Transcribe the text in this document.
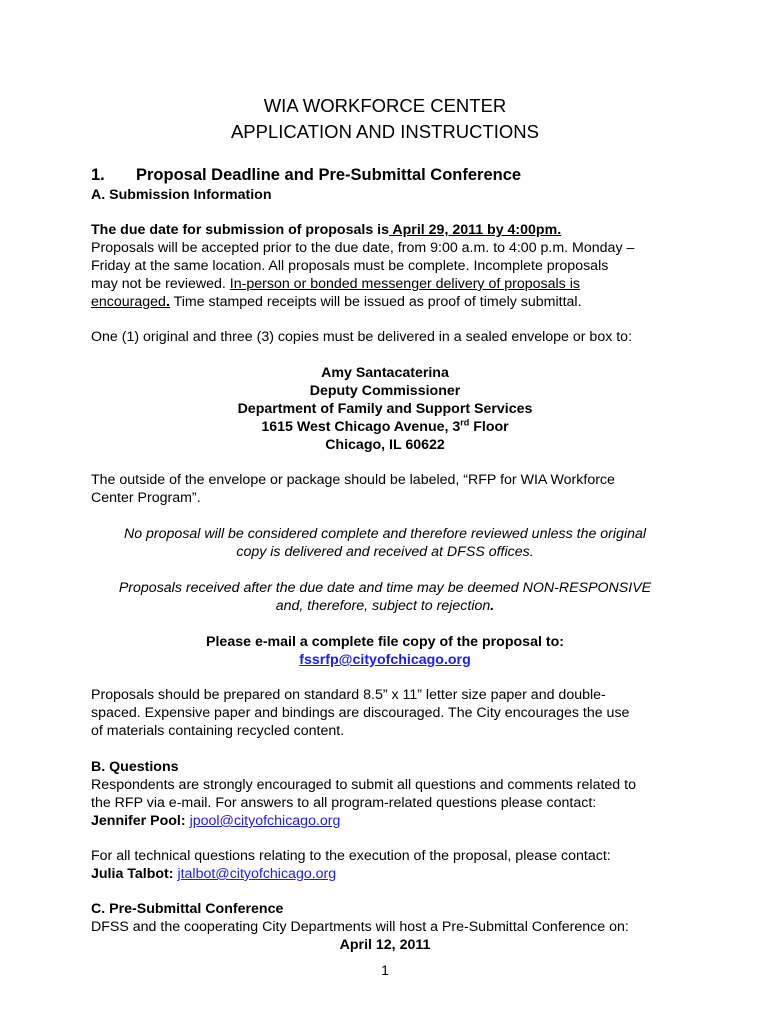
WIA WORKFORCE CENTER
APPLICATION AND INSTRUCTIONS
1. Proposal Deadline and Pre-Submittal Conference
A. Submission Information
The due date for submission of proposals is April 29, 2011 by 4:00pm.
Proposals will be accepted prior to the due date, from 9:00 a.m. to 4:00 p.m. Monday –
Friday at the same location. All proposals must be complete. Incomplete proposals
may not be reviewed. In-person or bonded messenger delivery of proposals is
encouraged. Time stamped receipts will be issued as proof of timely submittal.
One (1) original and three (3) copies must be delivered in a sealed envelope or box to:
Amy Santacaterina
Deputy Commissioner
Department of Family and Support Services
1615 West Chicago Avenue, 3rd Floor
Chicago, IL 60622
The outside of the envelope or package should be labeled, “RFP for WIA Workforce
Center Program”.
No proposal will be considered complete and therefore reviewed unless the original
copy is delivered and received at DFSS offices.
Proposals received after the due date and time may be deemed NON-RESPONSIVE
and, therefore, subject to rejection.
Please e-mail a complete file copy of the proposal to:
fssrfp@cityofchicago.org
Proposals should be prepared on standard 8.5” x 11” letter size paper and double-
spaced. Expensive paper and bindings are discouraged. The City encourages the use
of materials containing recycled content.
B. Questions
Respondents are strongly encouraged to submit all questions and comments related to
the RFP via e-mail. For answers to all program-related questions please contact:
Jennifer Pool: jpool@cityofchicago.org
For all technical questions relating to the execution of the proposal, please contact:
Julia Talbot: jtalbot@cityofchicago.org
C. Pre-Submittal Conference
DFSS and the cooperating City Departments will host a Pre-Submittal Conference on:
April 12, 2011
1
